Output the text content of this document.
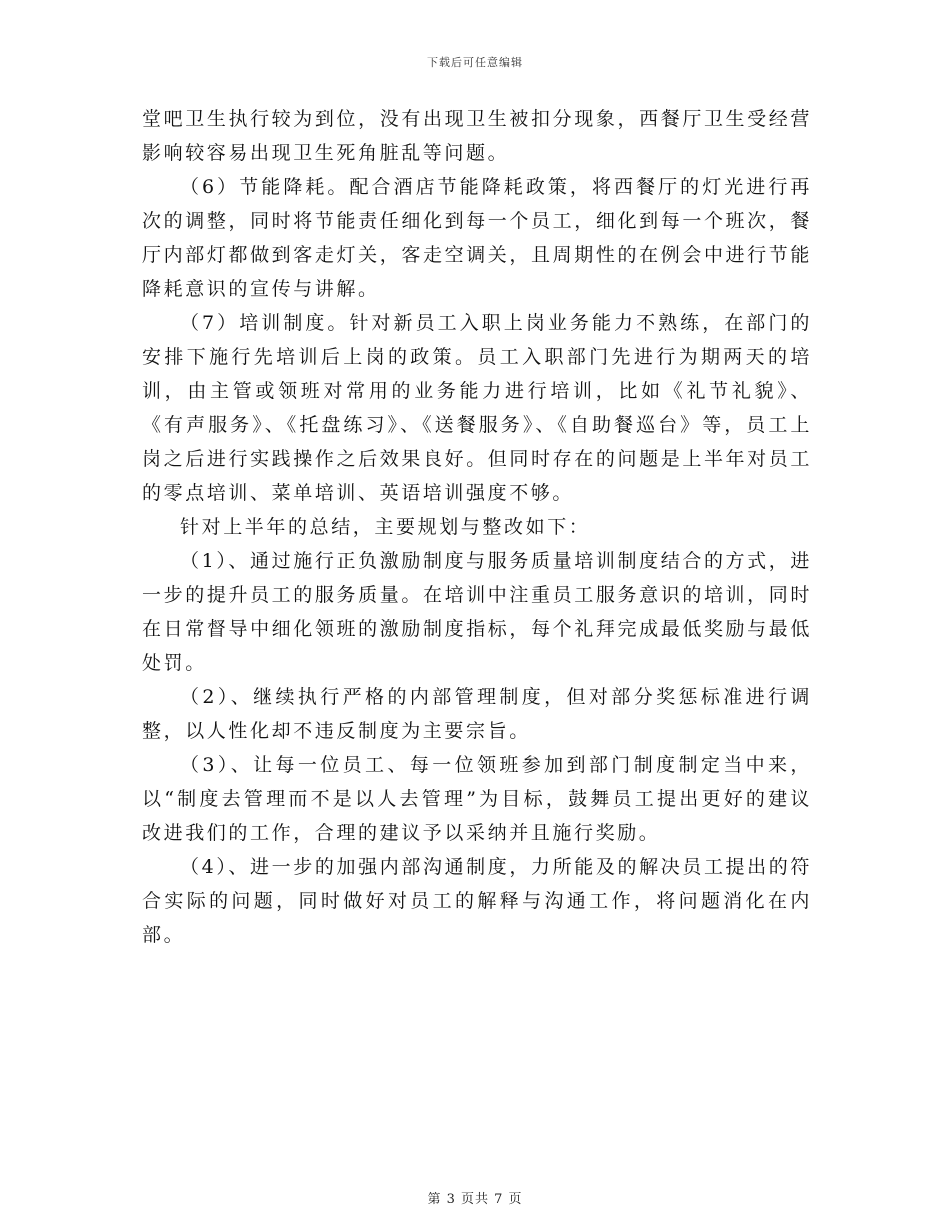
下载后可任意编辑

堂吧卫生执行较为到位，没有出现卫生被扣分现象，西餐厅卫生受经营影响较容易出现卫生死角脏乱等问题。

（6）节能降耗。配合酒店节能降耗政策，将西餐厅的灯光进行再次的调整，同时将节能责任细化到每一个员工，细化到每一个班次，餐厅内部灯都做到客走灯关，客走空调关，且周期性的在例会中进行节能降耗意识的宣传与讲解。

（7）培训制度。针对新员工入职上岗业务能力不熟练，在部门的安排下施行先培训后上岗的政策。员工入职部门先进行为期两天的培训，由主管或领班对常用的业务能力进行培训，比如《礼节礼貌》、《有声服务》、《托盘练习》、《送餐服务》、《自助餐巡台》等，员工上岗之后进行实践操作之后效果良好。但同时存在的问题是上半年对员工的零点培训、菜单培训、英语培训强度不够。

针对上半年的总结，主要规划与整改如下：

（1）、通过施行正负激励制度与服务质量培训制度结合的方式，进一步的提升员工的服务质量。在培训中注重员工服务意识的培训，同时在日常督导中细化领班的激励制度指标，每个礼拜完成最低奖励与最低处罚。

（2）、继续执行严格的内部管理制度，但对部分奖惩标准进行调整，以人性化却不违反制度为主要宗旨。

（3）、让每一位员工、每一位领班参加到部门制度制定当中来，以“制度去管理而不是以人去管理”为目标，鼓舞员工提出更好的建议改进我们的工作，合理的建议予以采纳并且施行奖励。

（4）、进一步的加强内部沟通制度，力所能及的解决员工提出的符合实际的问题，同时做好对员工的解释与沟通工作，将问题消化在内部。

第 3 页共 7 页
